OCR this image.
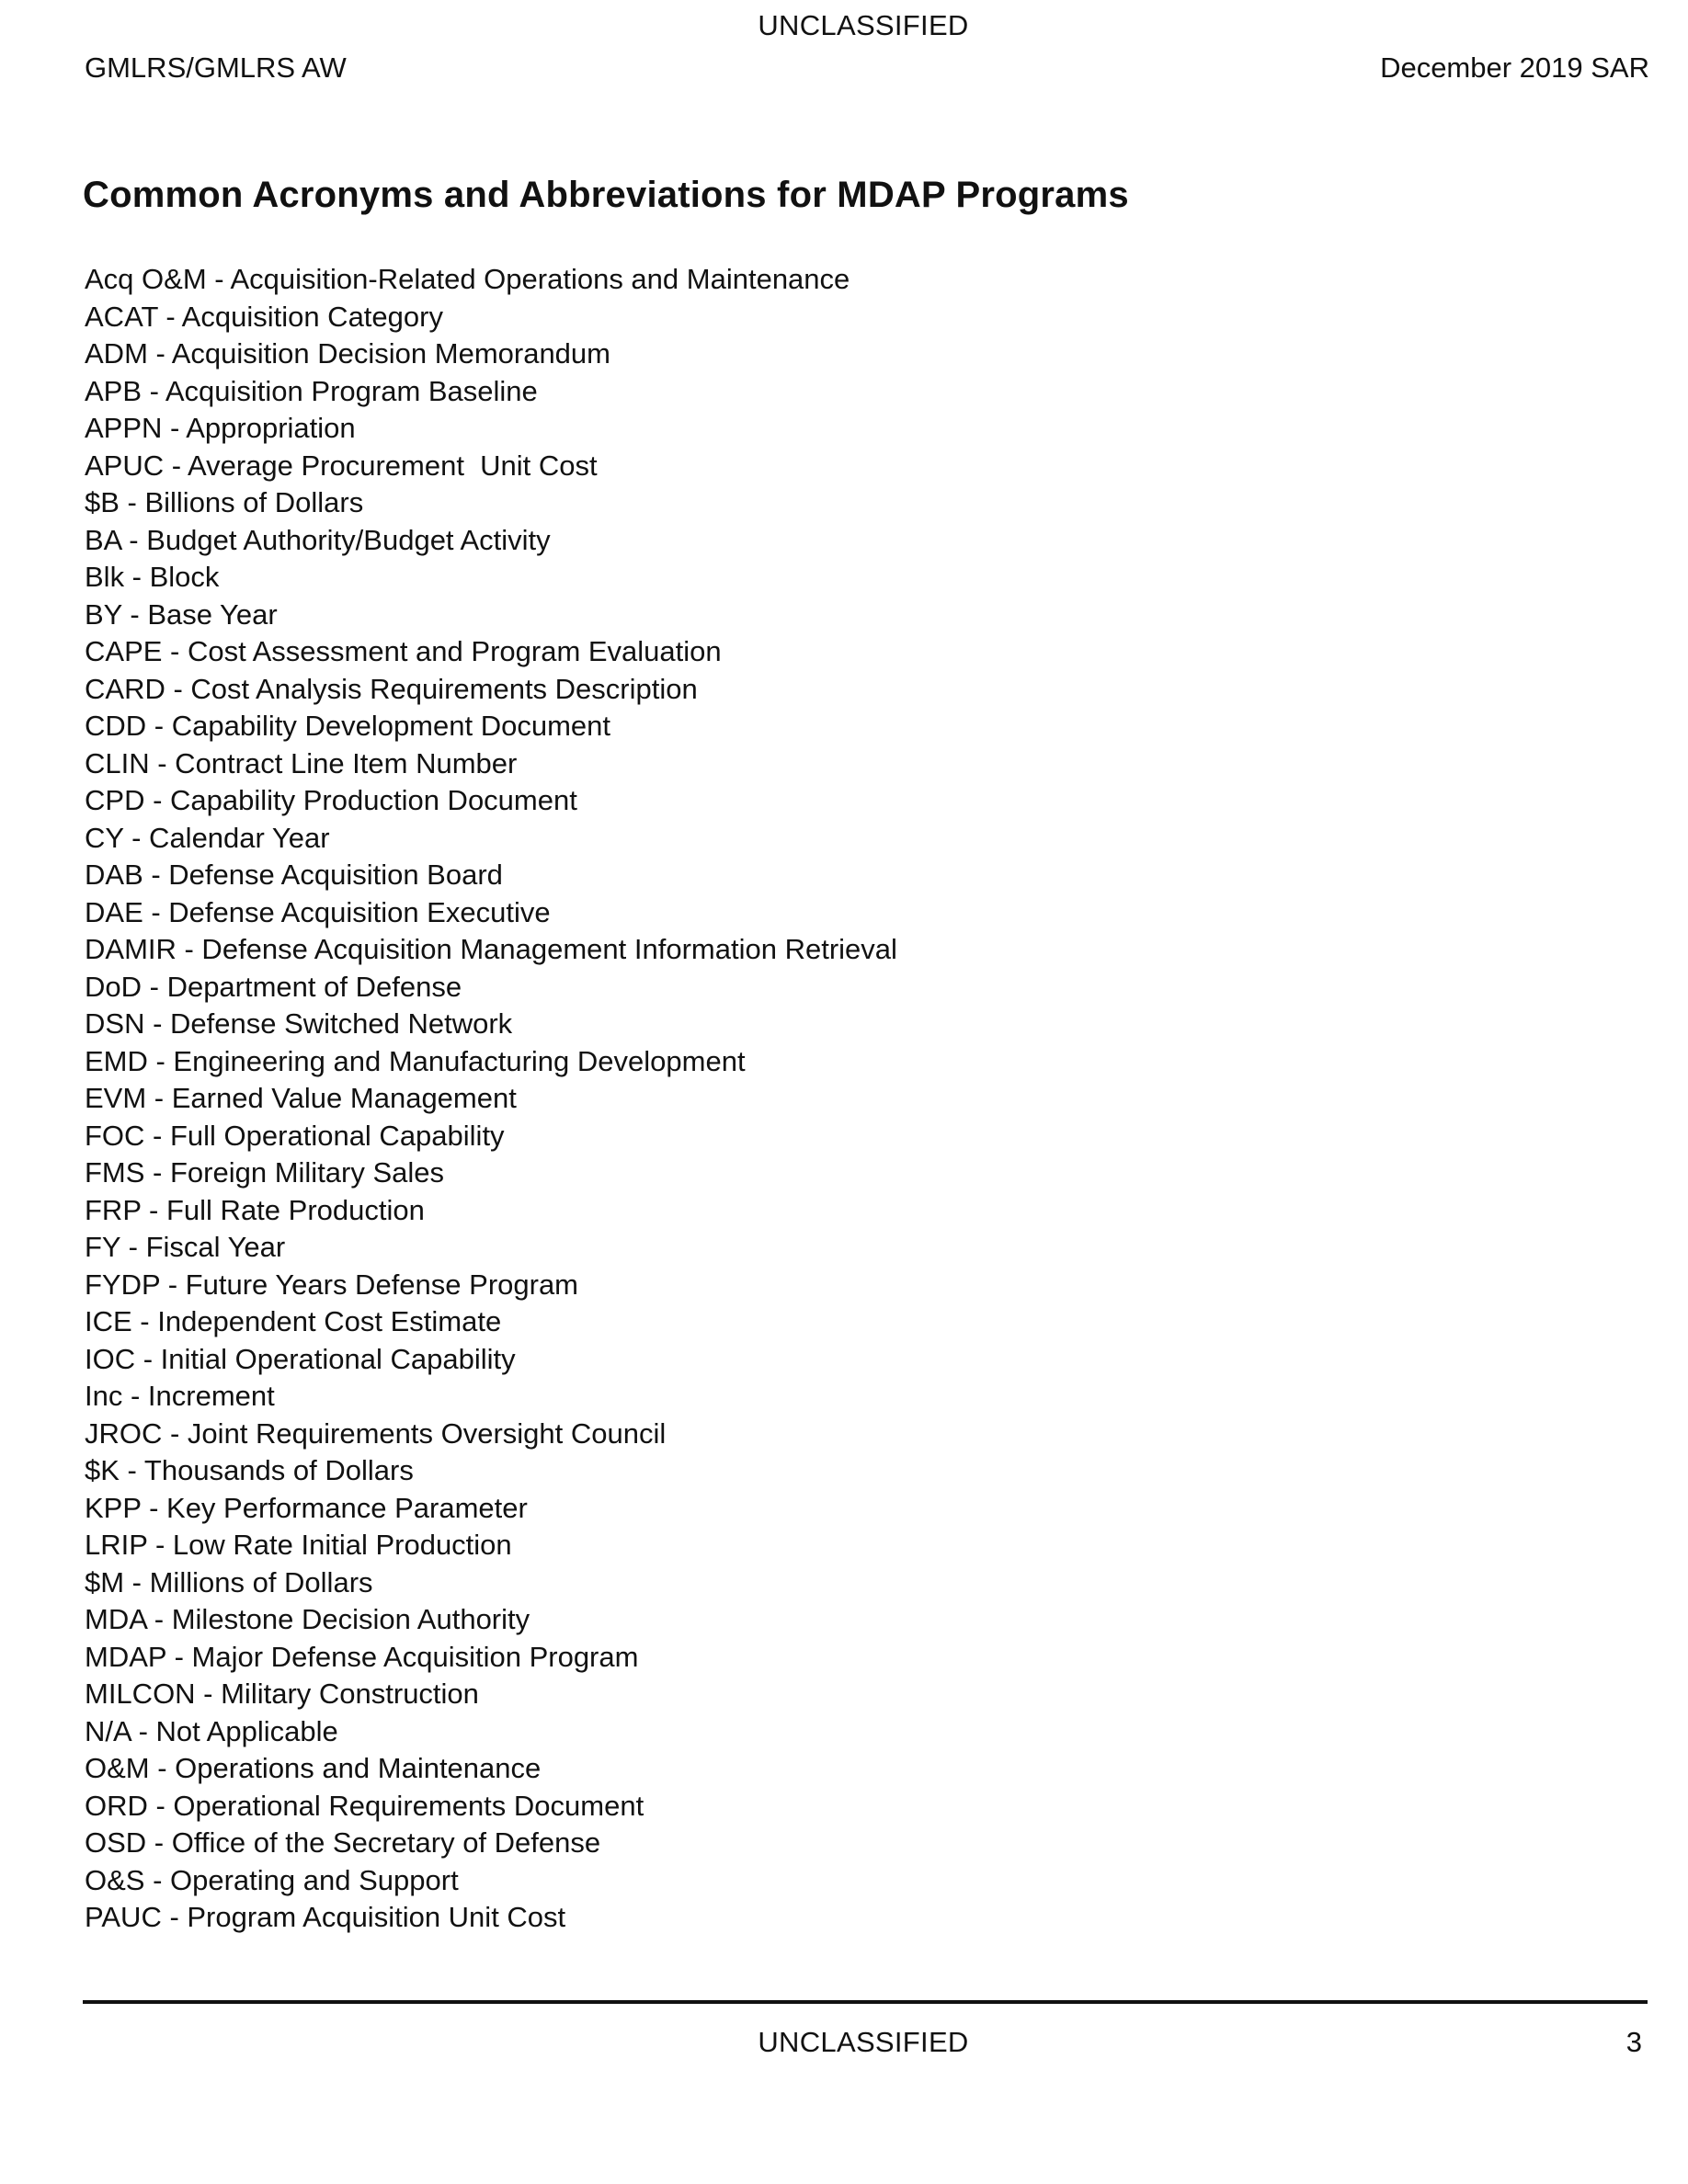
UNCLASSIFIED
GMLRS/GMLRS AW	December 2019 SAR
Common Acronyms and Abbreviations for MDAP Programs
Acq O&M - Acquisition-Related Operations and Maintenance
ACAT - Acquisition Category
ADM - Acquisition Decision Memorandum
APB - Acquisition Program Baseline
APPN - Appropriation
APUC - Average Procurement  Unit Cost
$B - Billions of Dollars
BA - Budget Authority/Budget Activity
Blk - Block
BY - Base Year
CAPE - Cost Assessment and Program Evaluation
CARD - Cost Analysis Requirements Description
CDD - Capability Development Document
CLIN - Contract Line Item Number
CPD - Capability Production Document
CY - Calendar Year
DAB - Defense Acquisition Board
DAE - Defense Acquisition Executive
DAMIR - Defense Acquisition Management Information Retrieval
DoD - Department of Defense
DSN - Defense Switched Network
EMD - Engineering and Manufacturing Development
EVM - Earned Value Management
FOC - Full Operational Capability
FMS - Foreign Military Sales
FRP - Full Rate Production
FY - Fiscal Year
FYDP - Future Years Defense Program
ICE - Independent Cost Estimate
IOC - Initial Operational Capability
Inc - Increment
JROC - Joint Requirements Oversight Council
$K - Thousands of Dollars
KPP - Key Performance Parameter
LRIP - Low Rate Initial Production
$M - Millions of Dollars
MDA - Milestone Decision Authority
MDAP - Major Defense Acquisition Program
MILCON - Military Construction
N/A - Not Applicable
O&M - Operations and Maintenance
ORD - Operational Requirements Document
OSD - Office of the Secretary of Defense
O&S - Operating and Support
PAUC - Program Acquisition Unit Cost
UNCLASSIFIED	3
